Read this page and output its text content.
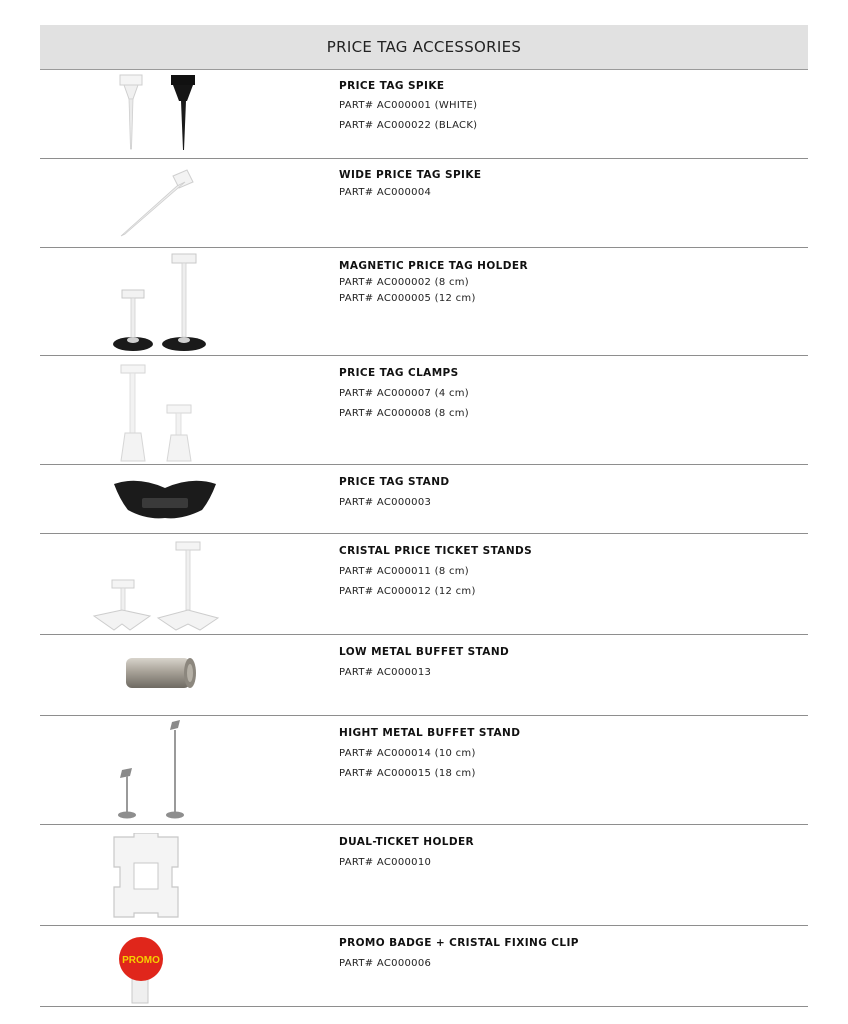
PRICE TAG ACCESSORIES

PRICE TAG SPIKE

PART# AC000001 (WHITE)

PART# AC000022 (BLACK)

WIDE PRICE TAG SPIKE

PART# AC000004

MAGNETIC PRICE TAG HOLDER

PART# AC000002 (8 cm)

PART# AC000005 (12 cm)

PRICE TAG CLAMPS

PART# AC000007 (4 cm)

PART# AC000008 (8 cm)

PRICE TAG STAND

PART# AC000003

CRISTAL PRICE TICKET STANDS

PART# AC000011 (8 cm)

PART# AC000012 (12 cm)

LOW METAL BUFFET STAND

PART# AC000013

HIGHT METAL BUFFET STAND

PART# AC000014 (10 cm)

PART# AC000015 (18 cm)

DUAL-TICKET HOLDER

PART# AC000010

PROMO

PROMO BADGE + CRISTAL FIXING CLIP

PART# AC000006
